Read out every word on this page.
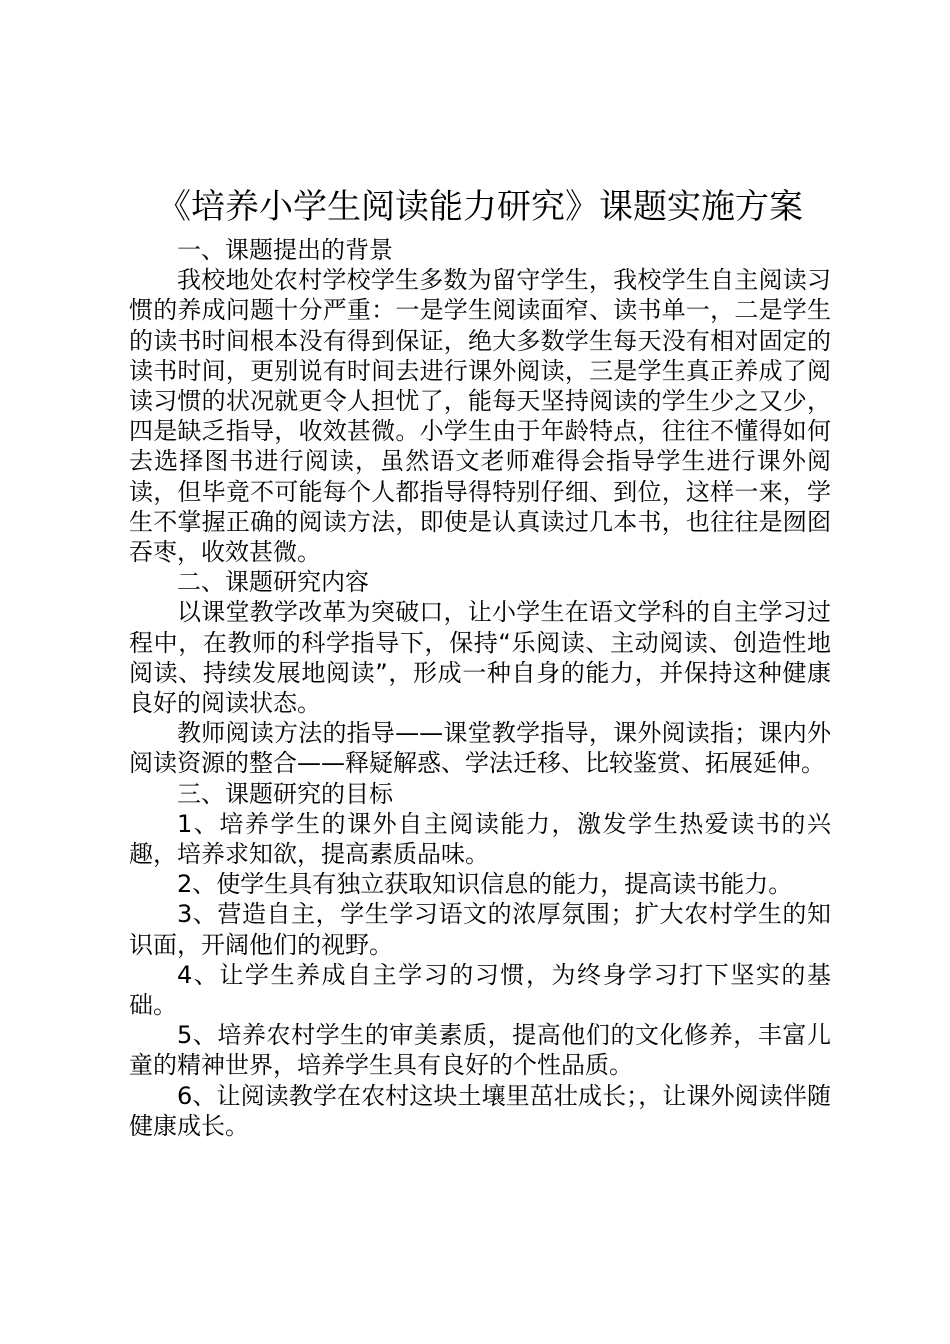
《培养小学生阅读能力研究》课题实施方案

一、课题提出的背景

我校地处农村学校学生多数为留守学生，我校学生自主阅读习惯的养成问题十分严重：一是学生阅读面窄、读书单一，二是学生的读书时间根本没有得到保证，绝大多数学生每天没有相对固定的读书时间，更别说有时间去进行课外阅读，三是学生真正养成了阅读习惯的状况就更令人担忧了，能每天坚持阅读的学生少之又少，四是缺乏指导，收效甚微。小学生由于年龄特点，往往不懂得如何去选择图书进行阅读，虽然语文老师难得会指导学生进行课外阅读，但毕竟不可能每个人都指导得特别仔细、到位，这样一来，学生不掌握正确的阅读方法，即使是认真读过几本书，也往往是囫囵吞枣，收效甚微。

二、课题研究内容

以课堂教学改革为突破口，让小学生在语文学科的自主学习过程中，在教师的科学指导下，保持“乐阅读、主动阅读、创造性地阅读、持续发展地阅读”，形成一种自身的能力，并保持这种健康良好的阅读状态。

教师阅读方法的指导——课堂教学指导，课外阅读指；课内外阅读资源的整合——释疑解惑、学法迁移、比较鉴赏、拓展延伸。

三、课题研究的目标

1、培养学生的课外自主阅读能力，激发学生热爱读书的兴趣，培养求知欲，提高素质品味。

2、使学生具有独立获取知识信息的能力，提高读书能力。

3、营造自主，学生学习语文的浓厚氛围；扩大农村学生的知识面，开阔他们的视野。

4、让学生养成自主学习的习惯，为终身学习打下坚实的基础。

5、培养农村学生的审美素质，提高他们的文化修养，丰富儿童的精神世界，培养学生具有良好的个性品质。

6、让阅读教学在农村这块土壤里茁壮成长；，让课外阅读伴随健康成长。
